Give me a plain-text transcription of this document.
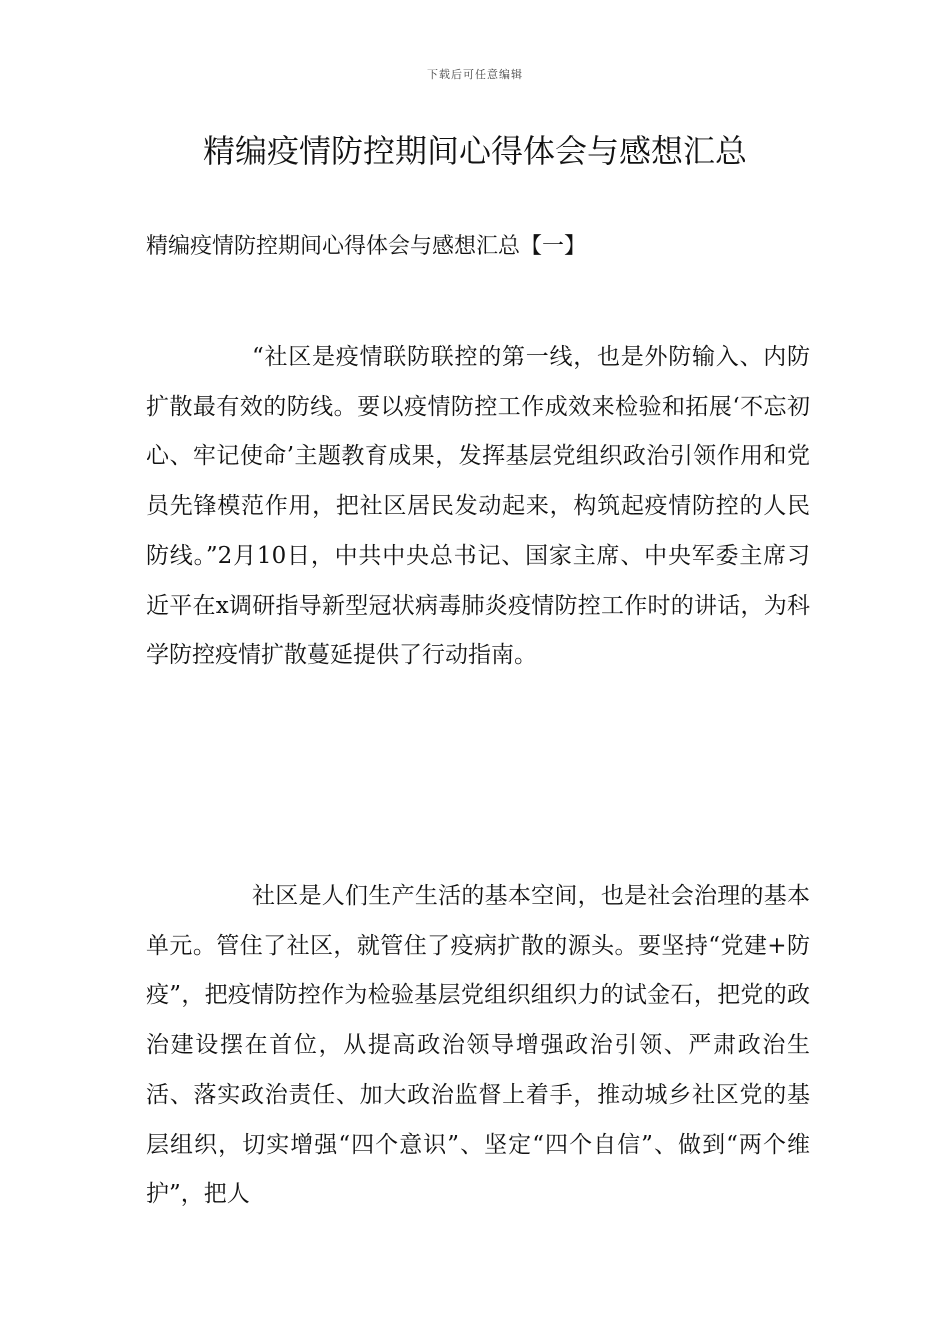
下载后可任意编辑
精编疫情防控期间心得体会与感想汇总
精编疫情防控期间心得体会与感想汇总【一】

“社区是疫情联防联控的第一线，也是外防输入、内防扩散最有效的防线。要以疫情防控工作成效来检验和拓展‘不忘初心、牢记使命’主题教育成果，发挥基层党组织政治引领作用和党员先锋模范作用，把社区居民发动起来，构筑起疫情防控的人民防线。”2月10日，中共中央总书记、国家主席、中央军委主席习近平在x调研指导新型冠状病毒肺炎疫情防控工作时的讲话，为科学防控疫情扩散蔓延提供了行动指南。

社区是人们生产生活的基本空间，也是社会治理的基本单元。管住了社区，就管住了疫病扩散的源头。要坚持“党建+防疫”，把疫情防控作为检验基层党组织组织力的试金石，把党的政治建设摆在首位，从提高政治领导增强政治引领、严肃政治生活、落实政治责任、加大政治监督上着手，推动城乡社区党的基层组织，切实增强“四个意识”、坚定“四个自信”、做到“两个维护”，把人
